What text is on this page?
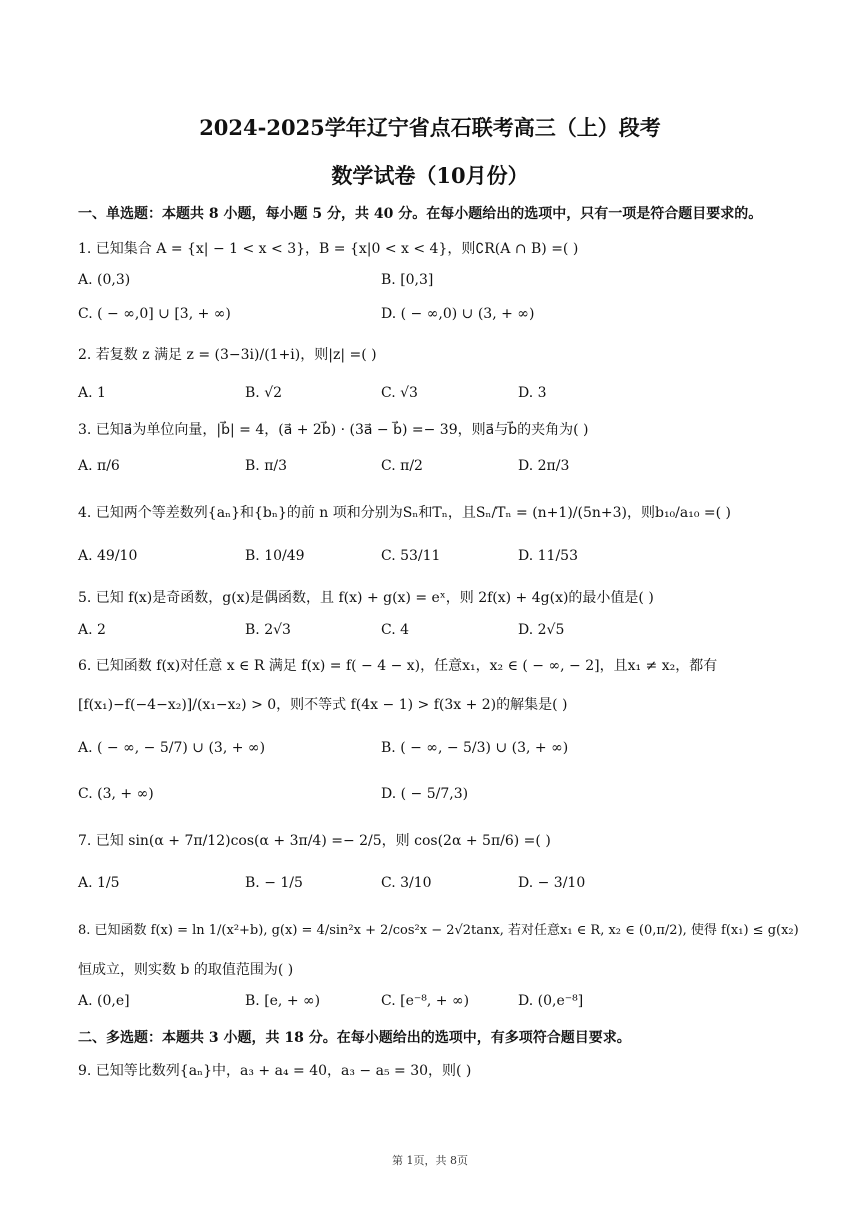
2024-2025学年辽宁省点石联考高三（上）段考
数学试卷（10月份）
一、单选题：本题共 8 小题，每小题 5 分，共 40 分。在每小题给出的选项中，只有一项是符合题目要求的。
1. 已知集合 A = {x| − 1 < x < 3}，B = {x|0 < x < 4}，则∁R(A ∩ B) =( )
A. (0,3)	B. [0,3]
C. ( − ∞,0] ∪ [3, + ∞)	D. ( − ∞,0) ∪ (3, + ∞)
2. 若复数 z 满足 z = (3−3i)/(1+i)，则|z| =( )
A. 1	B. √2	C. √3	D. 3
3. 已知a⃗为单位向量，|b⃗| = 4，(a⃗ + 2b⃗) · (3a⃗ − b⃗) =− 39，则a⃗与b⃗的夹角为( )
A. π/6	B. π/3	C. π/2	D. 2π/3
4. 已知两个等差数列{aₙ}和{bₙ}的前 n 项和分别为Sₙ和Tₙ，且Sₙ/Tₙ = (n+1)/(5n+3)，则b₁₀/a₁₀ =( )
A. 49/10	B. 10/49	C. 53/11	D. 11/53
5. 已知 f(x)是奇函数，g(x)是偶函数，且 f(x) + g(x) = eˣ，则 2f(x) + 4g(x)的最小值是( )
A. 2	B. 2√3	C. 4	D. 2√5
6. 已知函数 f(x)对任意 x ∈ R 满足 f(x) = f( − 4 − x)，任意x₁，x₂ ∈ ( − ∞, − 2]，且x₁ ≠ x₂，都有
[f(x₁)−f(−4−x₂)]/(x₁−x₂) > 0，则不等式 f(4x − 1) > f(3x + 2)的解集是( )
A. ( − ∞, − 5/7) ∪ (3, + ∞)	B. ( − ∞, − 5/3) ∪ (3, + ∞)
C. (3, + ∞)	D. ( − 5/7,3)
7. 已知 sin(α + 7π/12)cos(α + 3π/4) =− 2/5，则 cos(2α + 5π/6) =( )
A. 1/5	B. − 1/5	C. 3/10	D. − 3/10
8. 已知函数 f(x) = ln 1/(x²+b), g(x) = 4/sin²x + 2/cos²x − 2√2tanx, 若对任意x₁ ∈ R, x₂ ∈ (0,π/2), 使得 f(x₁) ≤ g(x₂)
恒成立，则实数 b 的取值范围为( )
A. (0,e]	B. [e, + ∞)	C. [e⁻⁸, + ∞)	D. (0,e⁻⁸]
二、多选题：本题共 3 小题，共 18 分。在每小题给出的选项中，有多项符合题目要求。
9. 已知等比数列{aₙ}中，a₃ + a₄ = 40，a₃ − a₅ = 30，则( )
第 1页，共 8页
